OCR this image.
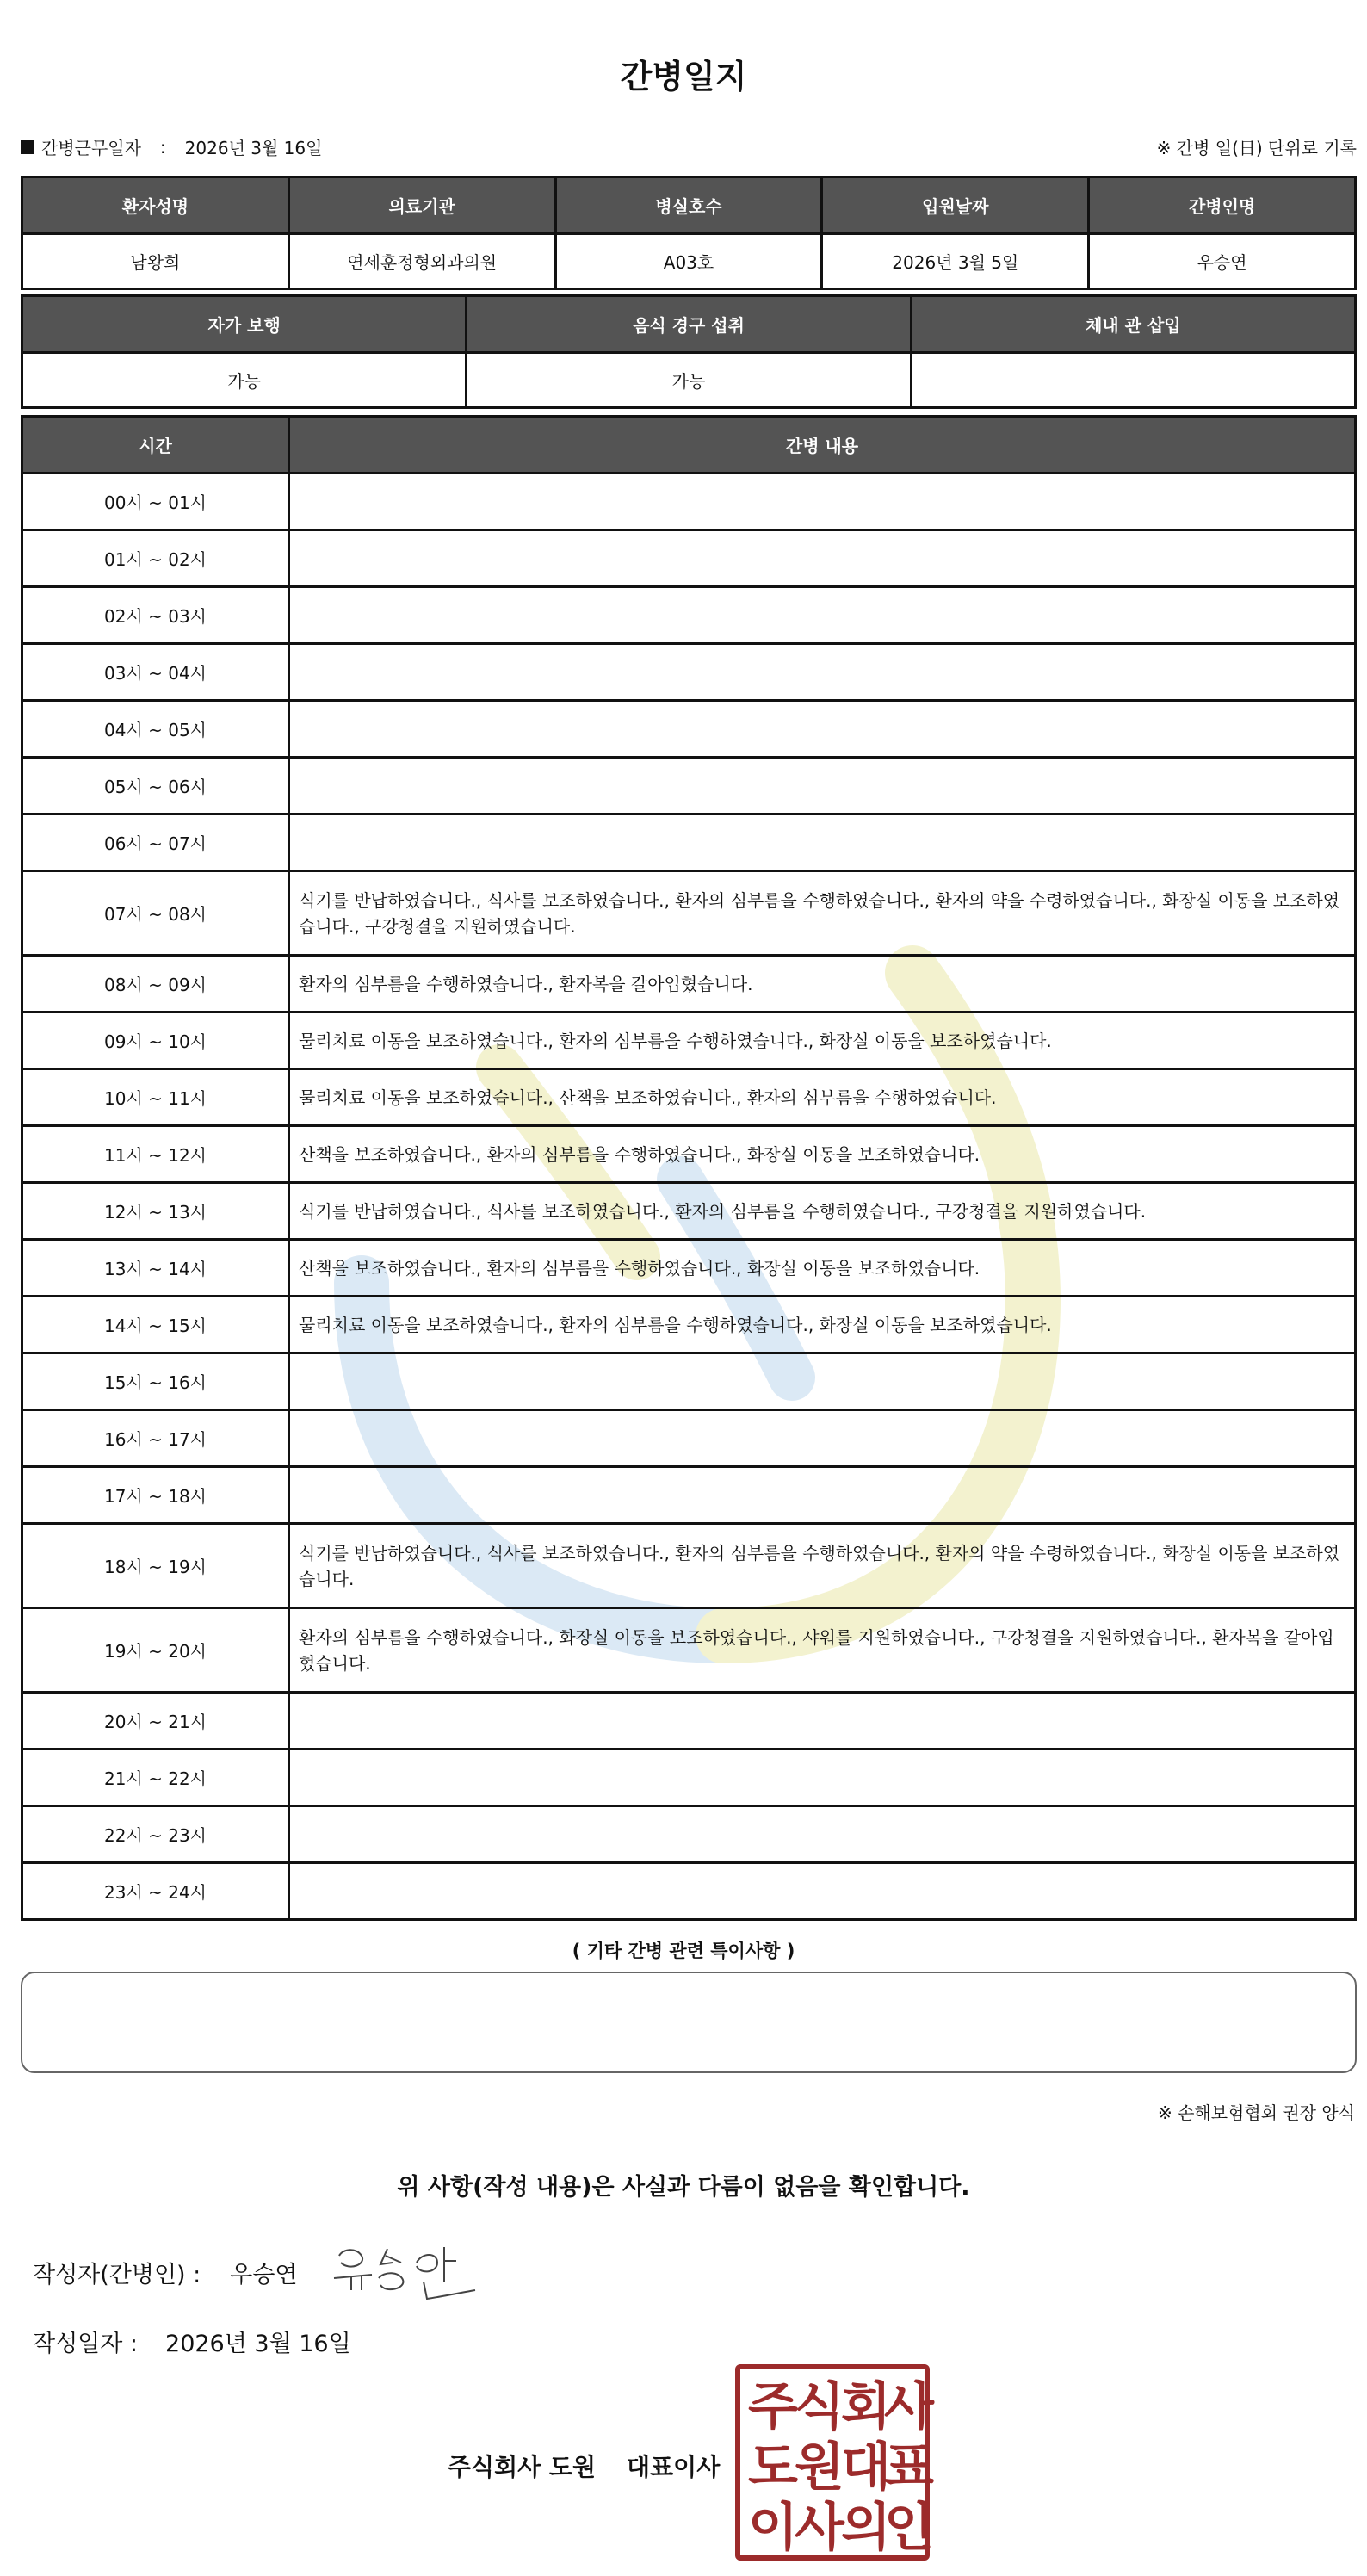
간병일지
간병근무일자 : 2026년 3월 16일	※ 간병 일(日) 단위로 기록
환자성명	의료기관	병실호수	입원날짜	간병인명
남왕희	연세훈정형외과의원	A03호	2026년 3월 5일	우승연
자가 보행	음식 경구 섭취	체내 관 삽입
가능	가능	
시간	간병 내용
00시 ~ 01시	
01시 ~ 02시	
02시 ~ 03시	
03시 ~ 04시	
04시 ~ 05시	
05시 ~ 06시	
06시 ~ 07시	
07시 ~ 08시	식기를 반납하였습니다., 식사를 보조하였습니다., 환자의 심부름을 수행하였습니다., 환자의 약을 수령하였습니다., 화장실 이동을 보조하였습니다., 구강청결을 지원하였습니다.
08시 ~ 09시	환자의 심부름을 수행하였습니다., 환자복을 갈아입혔습니다.
09시 ~ 10시	물리치료 이동을 보조하였습니다., 환자의 심부름을 수행하였습니다., 화장실 이동을 보조하였습니다.
10시 ~ 11시	물리치료 이동을 보조하였습니다., 산책을 보조하였습니다., 환자의 심부름을 수행하였습니다.
11시 ~ 12시	산책을 보조하였습니다., 환자의 심부름을 수행하였습니다., 화장실 이동을 보조하였습니다.
12시 ~ 13시	식기를 반납하였습니다., 식사를 보조하였습니다., 환자의 심부름을 수행하였습니다., 구강청결을 지원하였습니다.
13시 ~ 14시	산책을 보조하였습니다., 환자의 심부름을 수행하였습니다., 화장실 이동을 보조하였습니다.
14시 ~ 15시	물리치료 이동을 보조하였습니다., 환자의 심부름을 수행하였습니다., 화장실 이동을 보조하였습니다.
15시 ~ 16시	
16시 ~ 17시	
17시 ~ 18시	
18시 ~ 19시	식기를 반납하였습니다., 식사를 보조하였습니다., 환자의 심부름을 수행하였습니다., 환자의 약을 수령하였습니다., 화장실 이동을 보조하였습니다.
19시 ~ 20시	환자의 심부름을 수행하였습니다., 화장실 이동을 보조하였습니다., 샤워를 지원하였습니다., 구강청결을 지원하였습니다., 환자복을 갈아입혔습니다.
20시 ~ 21시	
21시 ~ 22시	
22시 ~ 23시	
23시 ~ 24시	
( 기타 간병 관련 특이사항 )
※ 손해보험협회 권장 양식
위 사항(작성 내용)은 사실과 다름이 없음을 확인합니다.
작성자(간병인) : 우승연
작성일자 : 2026년 3월 16일
주식회사 도원 대표이사
주
식
회
사
도
원
대
표
이
사
의
인
